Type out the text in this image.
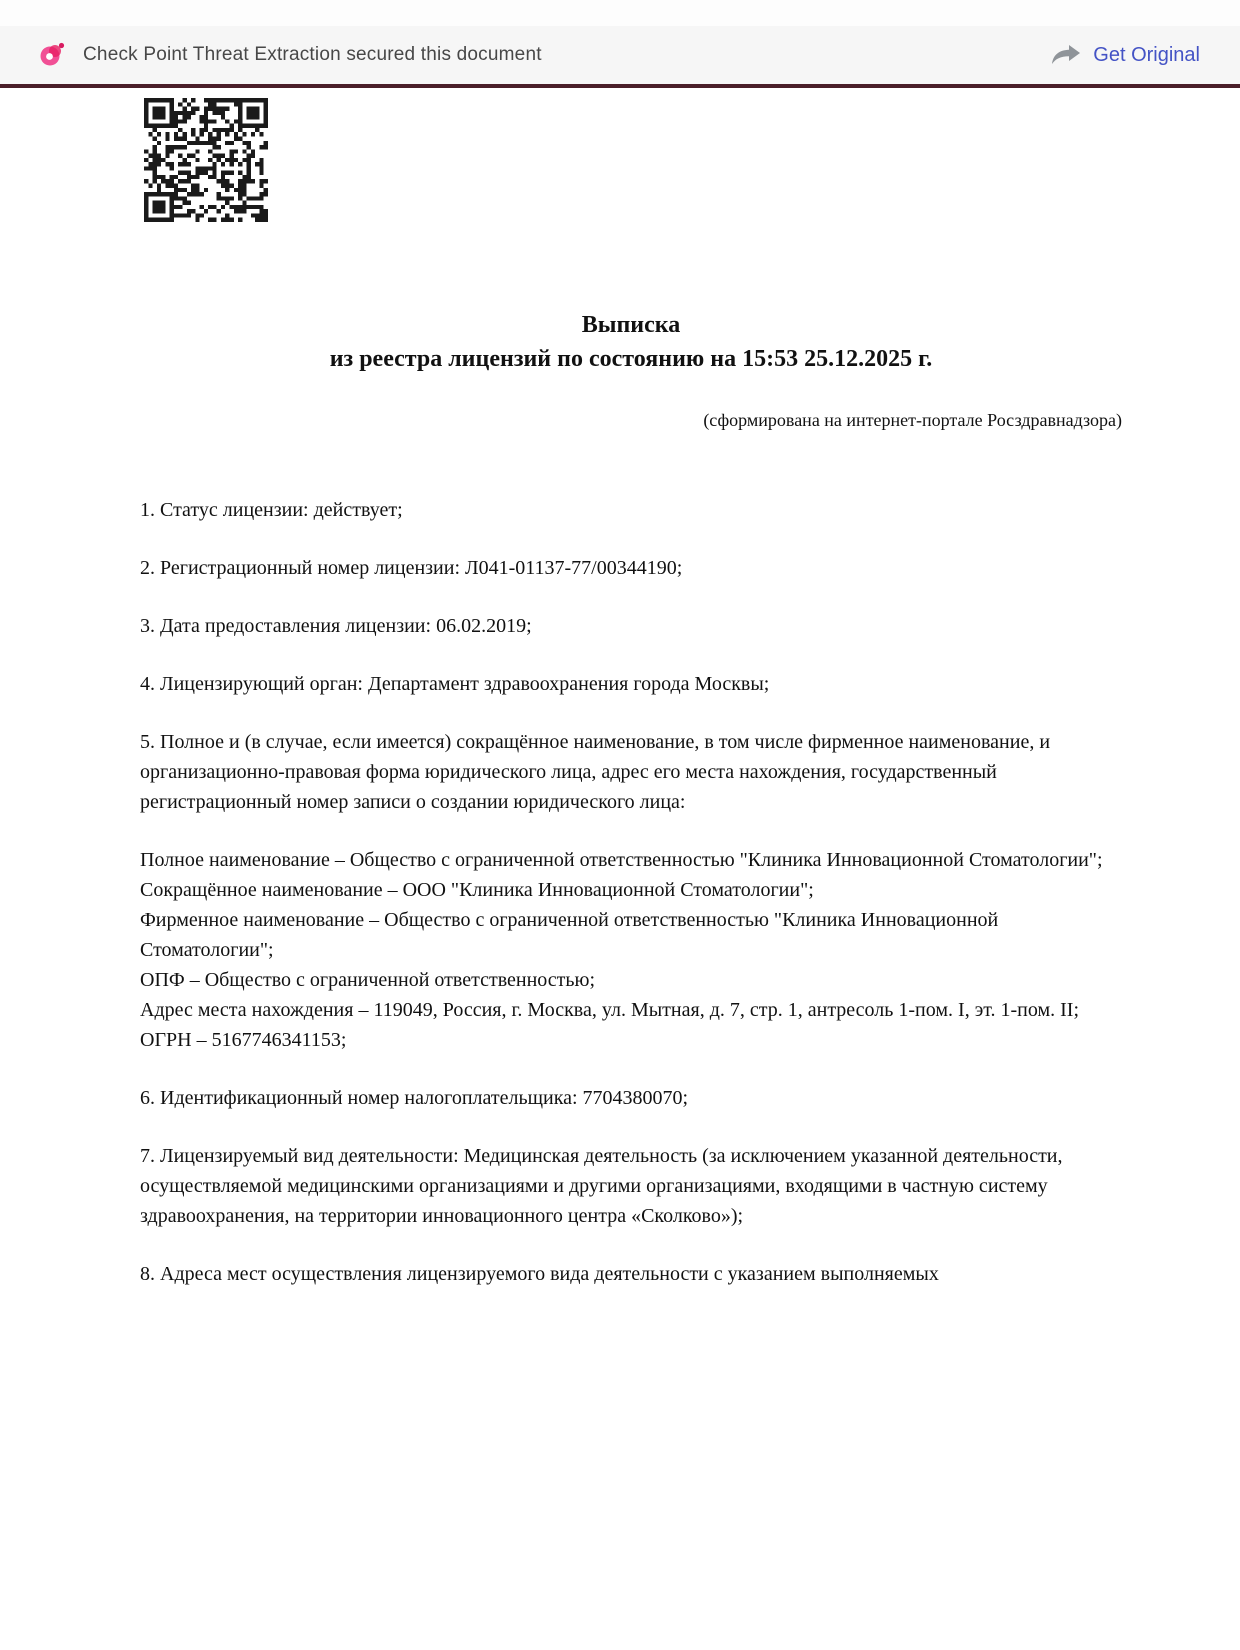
Check Point Threat Extraction secured this document	Get Original
Выписка
из реестра лицензий по состоянию на 15:53 25.12.2025 г.
(сформирована на интернет-портале Росздравнадзора)
1. Статус лицензии: действует;
2. Регистрационный номер лицензии: Л041-01137-77/00344190;
3. Дата предоставления лицензии: 06.02.2019;
4. Лицензирующий орган: Департамент здравоохранения города Москвы;
5. Полное и (в случае, если имеется) сокращённое наименование, в том числе фирменное наименование, и организационно-правовая форма юридического лица, адрес его места нахождения, государственный регистрационный номер записи о создании юридического лица:
Полное наименование – Общество с ограниченной ответственностью "Клиника Инновационной Стоматологии";
Сокращённое наименование – ООО "Клиника Инновационной Стоматологии";
Фирменное наименование – Общество с ограниченной ответственностью "Клиника Инновационной Стоматологии";
ОПФ – Общество с ограниченной ответственностью;
Адрес места нахождения – 119049, Россия, г. Москва, ул. Мытная, д. 7, стр. 1, антресоль 1-пом. I, эт. 1-пом. II;
ОГРН – 5167746341153;
6. Идентификационный номер налогоплательщика: 7704380070;
7. Лицензируемый вид деятельности: Медицинская деятельность (за исключением указанной деятельности, осуществляемой медицинскими организациями и другими организациями, входящими в частную систему здравоохранения, на территории инновационного центра «Сколково»);
8. Адреса мест осуществления лицензируемого вида деятельности с указанием выполняемых
